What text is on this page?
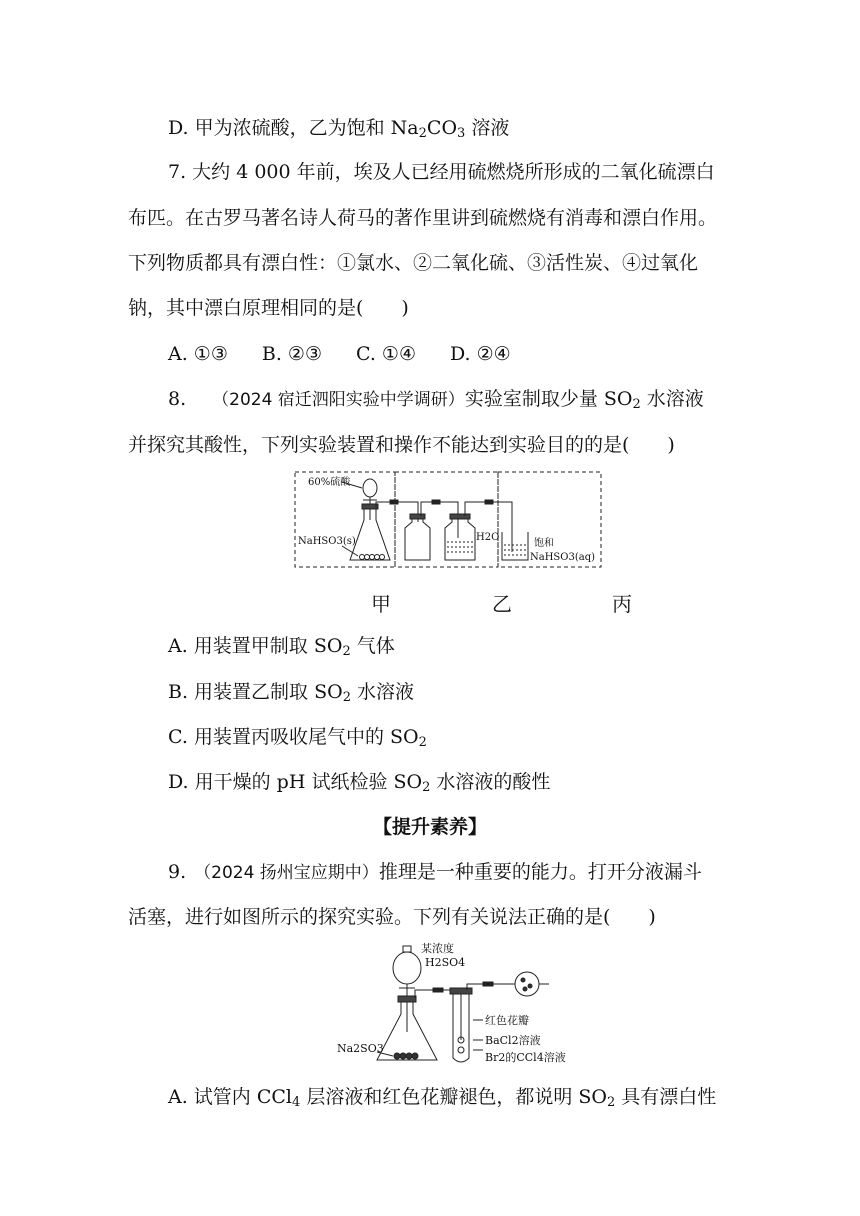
D. 甲为浓硫酸，乙为饱和 $Na_2CO_3$ 溶液
7. 大约 4 000 年前，埃及人已经用硫燃烧所形成的二氧化硫漂白
布匹。在古罗马著名诗人荷马的著作里讲到硫燃烧有消毒和漂白作用。
下列物质都具有漂白性：①氯水、②二氧化硫、③活性炭、④过氧化
钠，其中漂白原理相同的是(　　)
A. ①③ B. ②③ C. ①④ D. ②④
8. （2024 宿迁泗阳实验中学调研）实验室制取少量 $SO_2$ 水溶液
并探究其酸性，下列实验装置和操作不能达到实验目的的是(　　)
60%硫酸
NaHSO3(s)	H2O
饱和
NaHSO3(aq)
甲	乙	丙
A. 用装置甲制取 $SO_2$ 气体
B. 用装置乙制取 $SO_2$ 水溶液
C. 用装置丙吸收尾气中的 $SO_2$
D. 用干燥的 pH 试纸检验 $SO_2$ 水溶液的酸性
【提升素养】
9. （2024 扬州宝应期中）推理是一种重要的能力。打开分液漏斗
活塞，进行如图所示的探究实验。下列有关说法正确的是(　　)
某浓度
H2SO4
红色花瓣
BaCl2溶液
Br2的CCl4溶液
Na2SO3
A. 试管内 CCl$_4$ 层溶液和红色花瓣褪色，都说明 $SO_2$ 具有漂白性
